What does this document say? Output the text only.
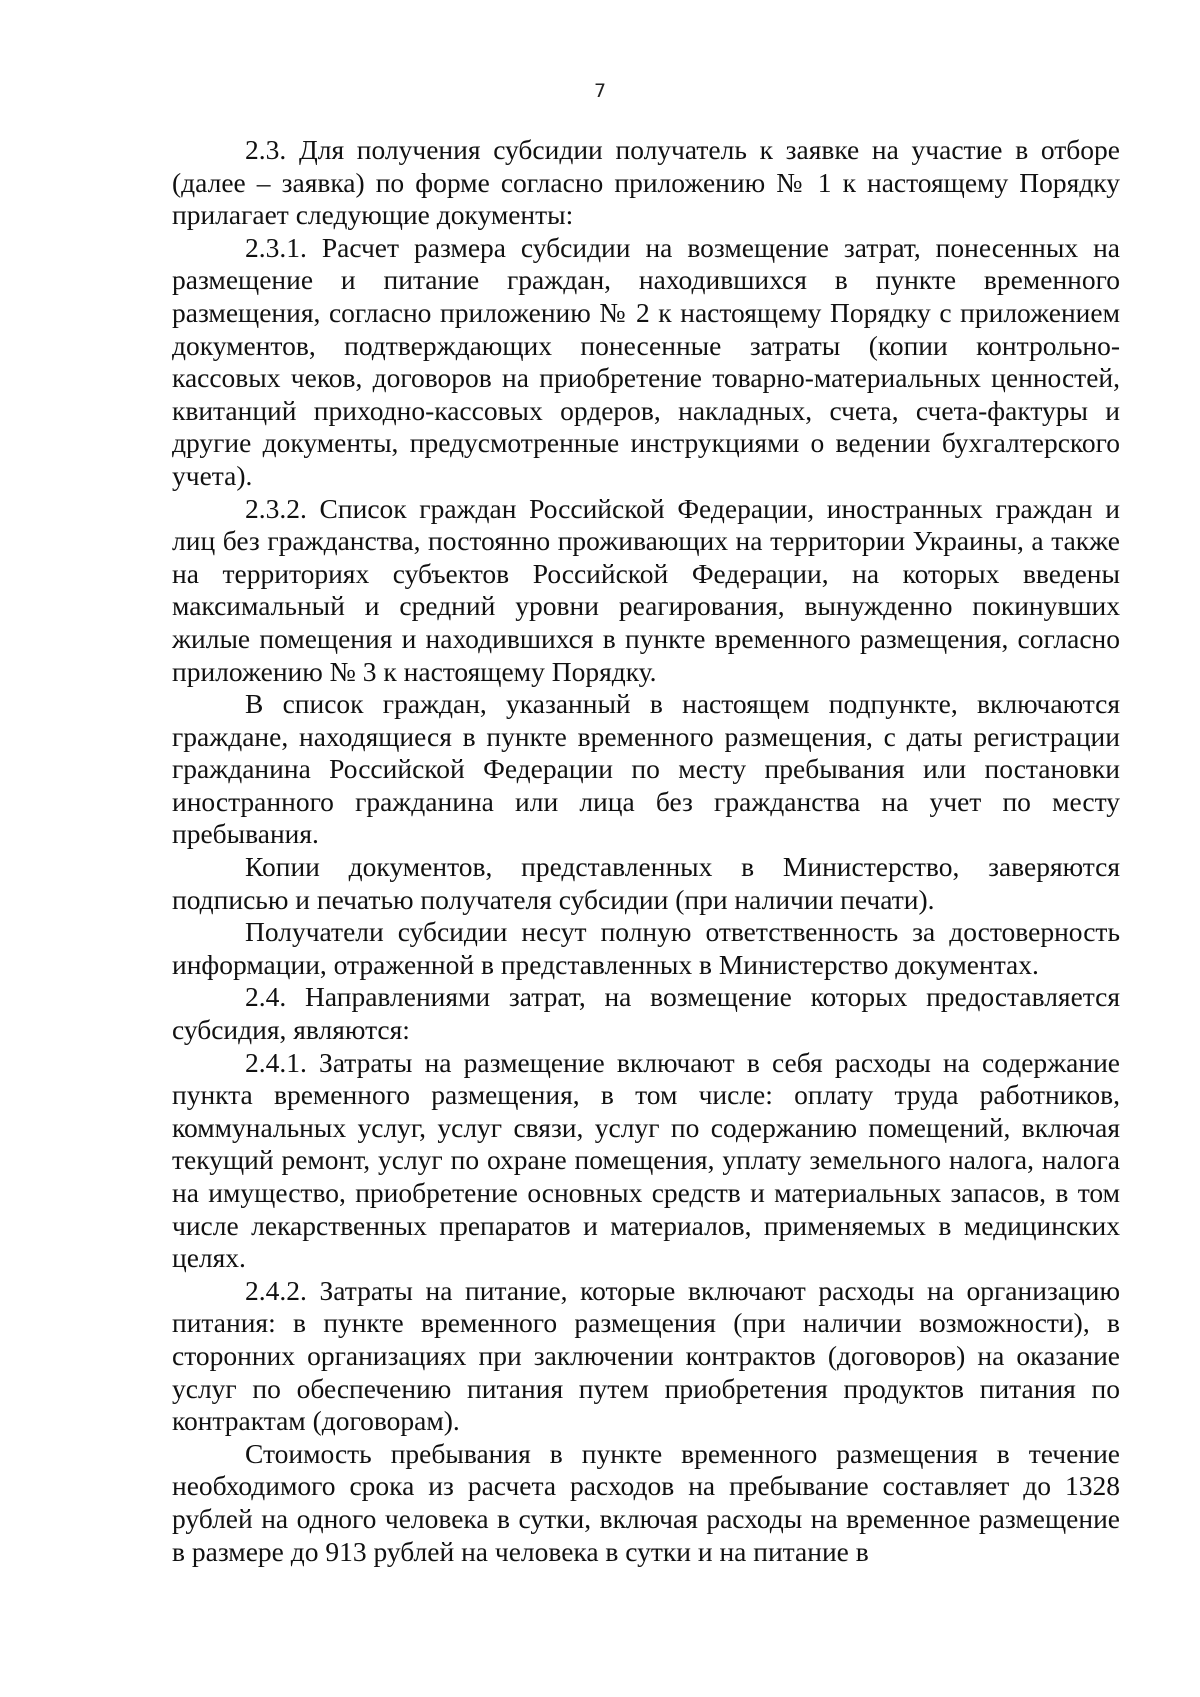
7

2.3. Для получения субсидии получатель к заявке на участие в отборе (далее – заявка) по форме согласно приложению № 1 к настоящему Порядку прилагает следующие документы:

2.3.1. Расчет размера субсидии на возмещение затрат, понесенных на размещение и питание граждан, находившихся в пункте временного размещения, согласно приложению № 2 к настоящему Порядку с приложением документов, подтверждающих понесенные затраты (копии контрольно-кассовых чеков, договоров на приобретение товарно-материальных ценностей, квитанций приходно-кассовых ордеров, накладных, счета, счета-фактуры и другие документы, предусмотренные инструкциями о ведении бухгалтерского учета).

2.3.2. Список граждан Российской Федерации, иностранных граждан и лиц без гражданства, постоянно проживающих на территории Украины, а также на территориях субъектов Российской Федерации, на которых введены максимальный и средний уровни реагирования, вынужденно покинувших жилые помещения и находившихся в пункте временного размещения, согласно приложению № 3 к настоящему Порядку.

В список граждан, указанный в настоящем подпункте, включаются граждане, находящиеся в пункте временного размещения, с даты регистрации гражданина Российской Федерации по месту пребывания или постановки иностранного гражданина или лица без гражданства на учет по месту пребывания.

Копии документов, представленных в Министерство, заверяются подписью и печатью получателя субсидии (при наличии печати).

Получатели субсидии несут полную ответственность за достоверность информации, отраженной в представленных в Министерство документах.

2.4. Направлениями затрат, на возмещение которых предоставляется субсидия, являются:

2.4.1. Затраты на размещение включают в себя расходы на содержание пункта временного размещения, в том числе: оплату труда работников, коммунальных услуг, услуг связи, услуг по содержанию помещений, включая текущий ремонт, услуг по охране помещения, уплату земельного налога, налога на имущество, приобретение основных средств и материальных запасов, в том числе лекарственных препаратов и материалов, применяемых в медицинских целях.

2.4.2. Затраты на питание, которые включают расходы на организацию питания: в пункте временного размещения (при наличии возможности), в сторонних организациях при заключении контрактов (договоров) на оказание услуг по обеспечению питания путем приобретения продуктов питания по контрактам (договорам).

Стоимость пребывания в пункте временного размещения в течение необходимого срока из расчета расходов на пребывание составляет до 1328 рублей на одного человека в сутки, включая расходы на временное размещение в размере до 913 рублей на человека в сутки и на питание в
